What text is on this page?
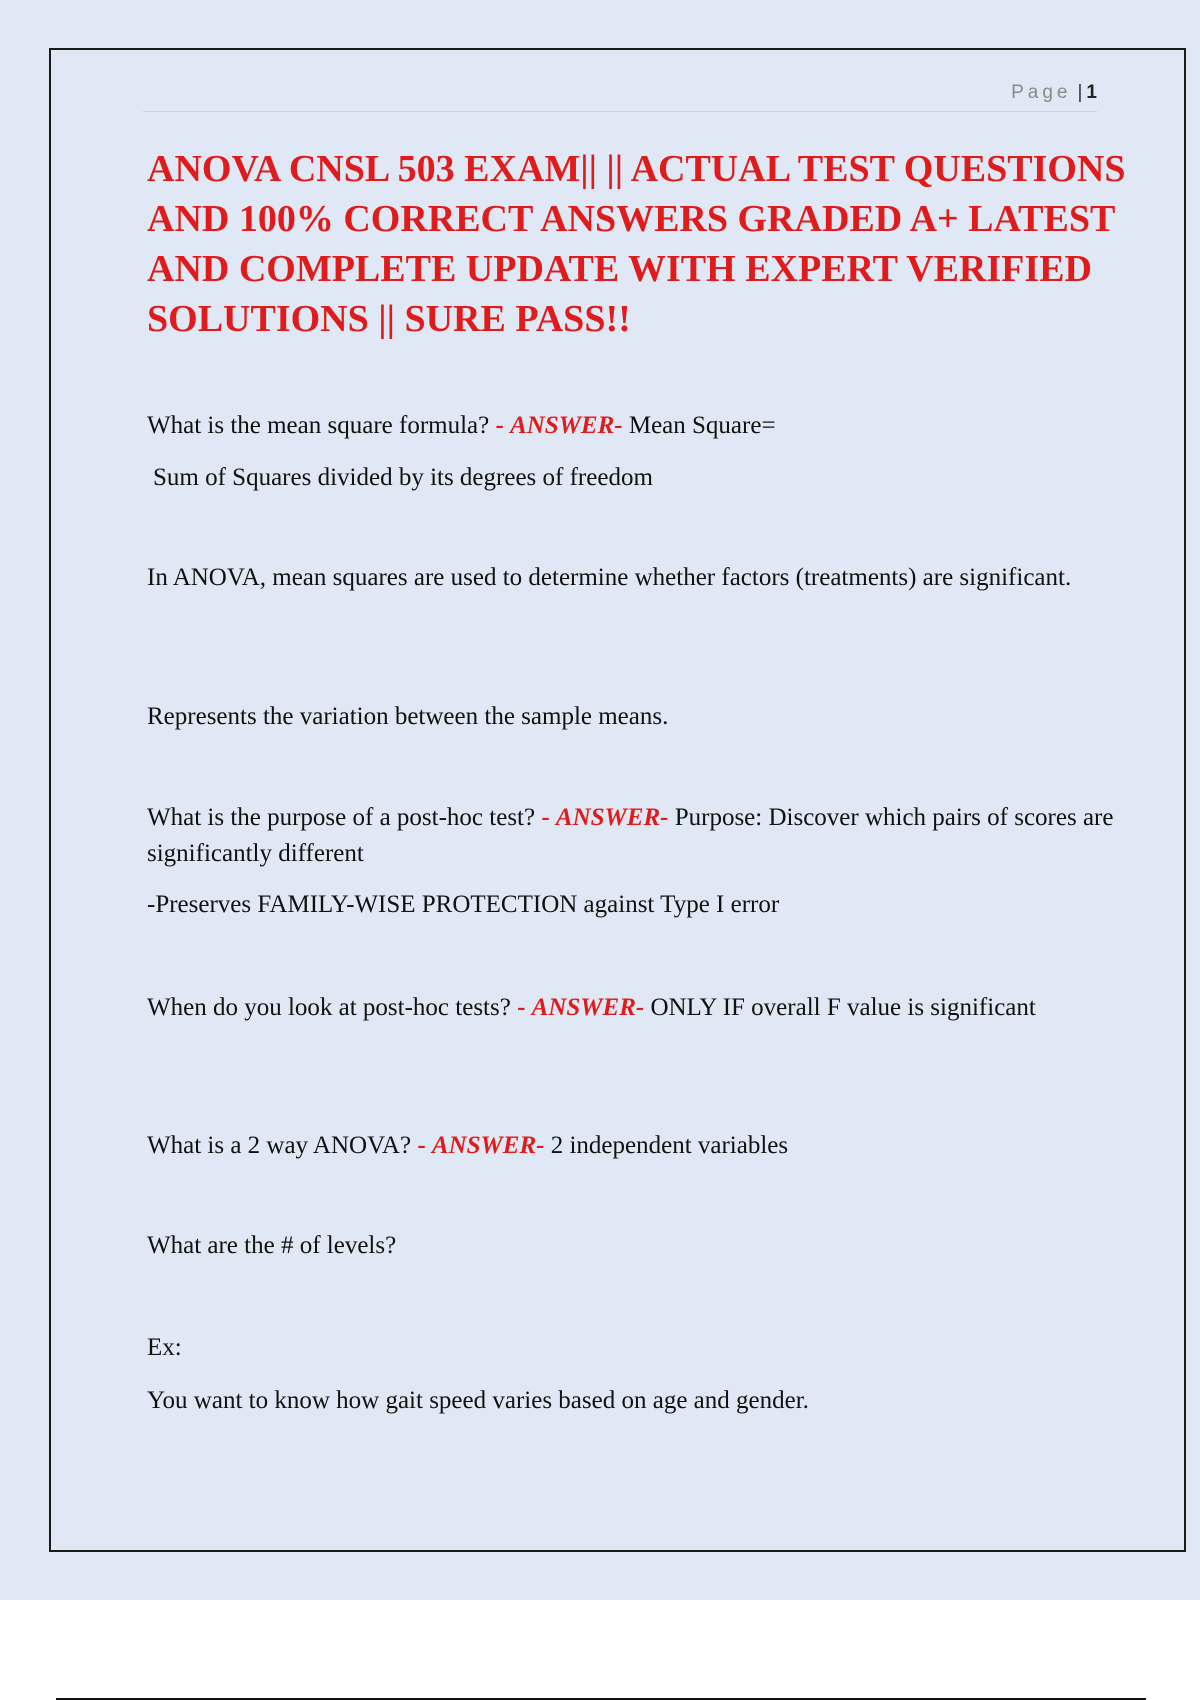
Page | 1
ANOVA CNSL 503 EXAM|| || ACTUAL TEST QUESTIONS AND 100% CORRECT ANSWERS GRADED A+ LATEST AND COMPLETE UPDATE WITH EXPERT VERIFIED SOLUTIONS || SURE PASS!!
What is the mean square formula? - ANSWER- Mean Square=
Sum of Squares divided by its degrees of freedom
In ANOVA, mean squares are used to determine whether factors (treatments) are significant.
Represents the variation between the sample means.
What is the purpose of a post-hoc test? - ANSWER- Purpose: Discover which pairs of scores are significantly different
-Preserves FAMILY-WISE PROTECTION against Type I error
When do you look at post-hoc tests? - ANSWER- ONLY IF overall F value is significant
What is a 2 way ANOVA? - ANSWER- 2 independent variables
What are the # of levels?
Ex:
You want to know how gait speed varies based on age and gender.
